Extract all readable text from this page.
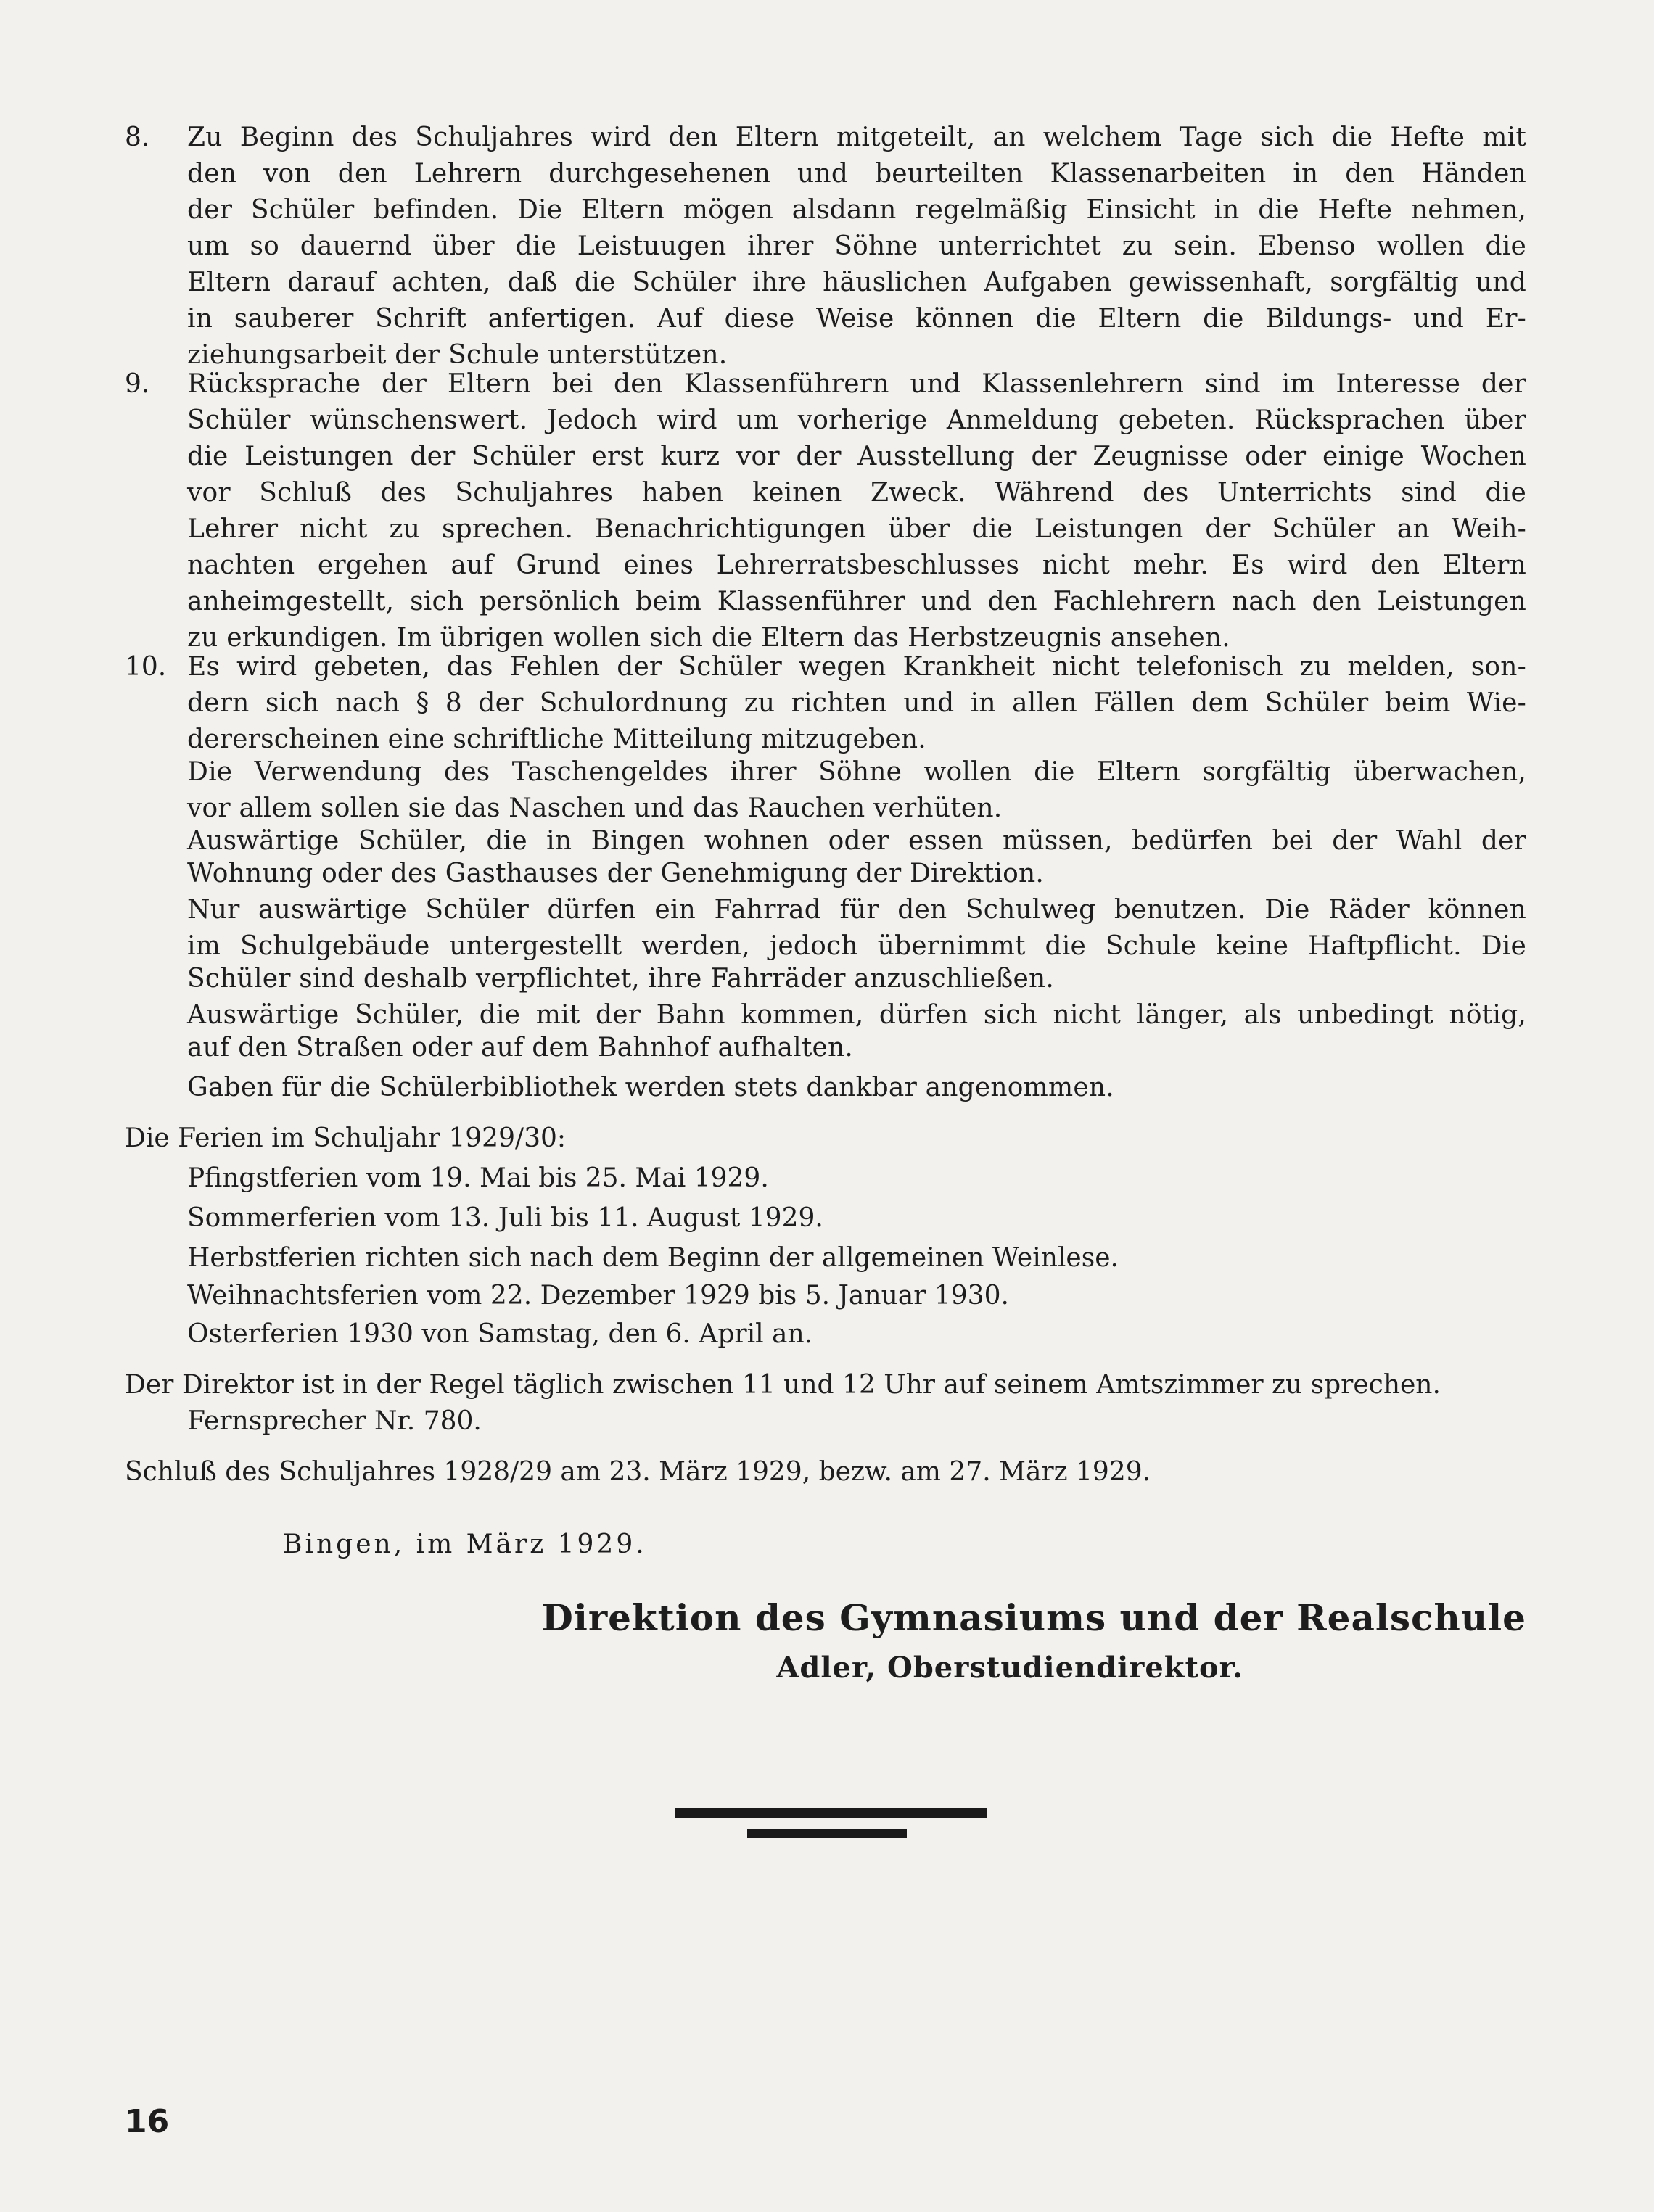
8. Zu Beginn des Schuljahres wird den Eltern mitgeteilt, an welchem Tage sich die Hefte mit
den von den Lehrern durchgesehenen und beurteilten Klassenarbeiten in den Händen
der Schüler befinden. Die Eltern mögen alsdann regelmäßig Einsicht in die Hefte nehmen,
um so dauernd über die Leistuugen ihrer Söhne unterrichtet zu sein. Ebenso wollen die
Eltern darauf achten, daß die Schüler ihre häuslichen Aufgaben gewissenhaft, sorgfältig und
in sauberer Schrift anfertigen. Auf diese Weise können die Eltern die Bildungs- und Er-
ziehungsarbeit der Schule unterstützen.
9. Rücksprache der Eltern bei den Klassenführern und Klassenlehrern sind im Interesse der
Schüler wünschenswert. Jedoch wird um vorherige Anmeldung gebeten. Rücksprachen über
die Leistungen der Schüler erst kurz vor der Ausstellung der Zeugnisse oder einige Wochen
vor Schluß des Schuljahres haben keinen Zweck. Während des Unterrichts sind die
Lehrer nicht zu sprechen. Benachrichtigungen über die Leistungen der Schüler an Weih-
nachten ergehen auf Grund eines Lehrerratsbeschlusses nicht mehr. Es wird den Eltern
anheimgestellt, sich persönlich beim Klassenführer und den Fachlehrern nach den Leistungen
zu erkundigen. Im übrigen wollen sich die Eltern das Herbstzeugnis ansehen.
10. Es wird gebeten, das Fehlen der Schüler wegen Krankheit nicht telefonisch zu melden, son-
dern sich nach § 8 der Schulordnung zu richten und in allen Fällen dem Schüler beim Wie-
dererscheinen eine schriftliche Mitteilung mitzugeben.
Die Verwendung des Taschengeldes ihrer Söhne wollen die Eltern sorgfältig überwachen,
vor allem sollen sie das Naschen und das Rauchen verhüten.
Auswärtige Schüler, die in Bingen wohnen oder essen müssen, bedürfen bei der Wahl der
Wohnung oder des Gasthauses der Genehmigung der Direktion.
Nur auswärtige Schüler dürfen ein Fahrrad für den Schulweg benutzen. Die Räder können
im Schulgebäude untergestellt werden, jedoch übernimmt die Schule keine Haftpflicht. Die
Schüler sind deshalb verpflichtet, ihre Fahrräder anzuschließen.
Auswärtige Schüler, die mit der Bahn kommen, dürfen sich nicht länger, als unbedingt nötig,
auf den Straßen oder auf dem Bahnhof aufhalten.
Gaben für die Schülerbibliothek werden stets dankbar angenommen.
Die Ferien im Schuljahr 1929/30:
Pfingstferien vom 19. Mai bis 25. Mai 1929.
Sommerferien vom 13. Juli bis 11. August 1929.
Herbstferien richten sich nach dem Beginn der allgemeinen Weinlese.
Weihnachtsferien vom 22. Dezember 1929 bis 5. Januar 1930.
Osterferien 1930 von Samstag, den 6. April an.
Der Direktor ist in der Regel täglich zwischen 11 und 12 Uhr auf seinem Amtszimmer zu sprechen.
Fernsprecher Nr. 780.
Schluß des Schuljahres 1928/29 am 23. März 1929, bezw. am 27. März 1929.
Bingen, im März 1929.
Direktion des Gymnasiums und der Realschule
Adler, Oberstudiendirektor.
16
